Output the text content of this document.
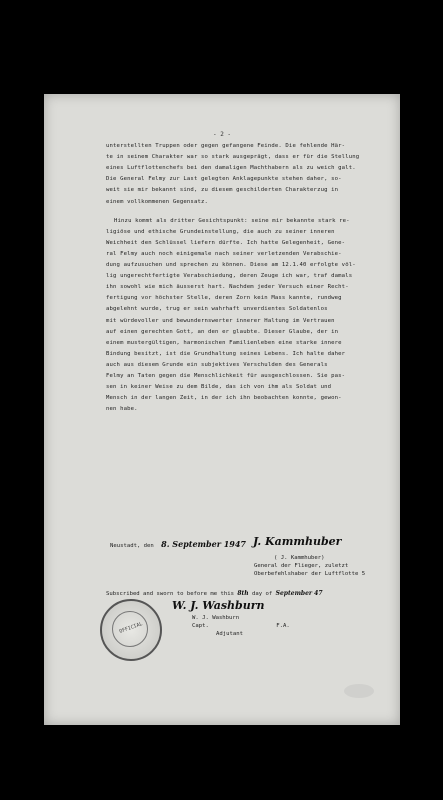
- 2 -
unterstellten Truppen oder gegen gefangene Feinde. Die fehlende Här-
te in seinem Charakter war so stark ausgeprägt, dass er für die Stellung
eines Luftflottenchefs bei den damaligen Machthabern als zu weich galt.
Die General Felmy zur Last gelegten Anklagepunkte stehen daher, so-
weit sie mir bekannt sind, zu diesem geschilderten Charakterzug in
einem vollkommenen Gegensatz.
Hinzu kommt als dritter Gesichtspunkt: seine mir bekannte stark re-
ligiöse und ethische Grundeinstellung, die auch zu seiner inneren
Weichheit den Schlüssel liefern dürfte. Ich hatte Gelegenheit, Gene-
ral Felmy auch noch einigemale nach seiner verletzenden Verabschie-
dung aufzusuchen und sprechen zu können. Diese am 12.1.40 erfolgte völ-
lig ungerechtfertigte Verabschiedung, deren Zeuge ich war, traf damals
ihn sowohl wie mich äusserst hart. Nachdem jeder Versuch einer Recht-
fertigung vor höchster Stelle, deren Zorn kein Mass kannte, rundweg
abgelehnt wurde, trug er sein wahrhaft unverdientes Soldatenlos
mit würdevoller und bewundernswerter innerer Haltung im Vertrauen
auf einen gerechten Gott, an den er glaubte. Dieser Glaube, der in
einem mustergültigen, harmonischen Familienleben eine starke innere
Bindung besitzt, ist die Grundhaltung seines Lebens. Ich halte daher
auch aus diesem Grunde ein subjektives Verschulden des Generals
Felmy an Taten gegen die Menschlichkeit für ausgeschlossen. Sie pas-
sen in keiner Weise zu dem Bilde, das ich von ihm als Soldat und
Mensch in der langen Zeit, in der ich ihn beobachten konnte, gewon-
nen habe.
Neustadt, den 8. September 1947 J. Kammhuber
( J. Kammhuber)
General der Flieger, zuletzt
Oberbefehlshaber der Luftflotte 5
Subscribed and sworn to before me this 8th day of September 47
W. J. Washburn
W. J. Washburn
Capt.	F.A.
Adjutant
OFFICIAL
